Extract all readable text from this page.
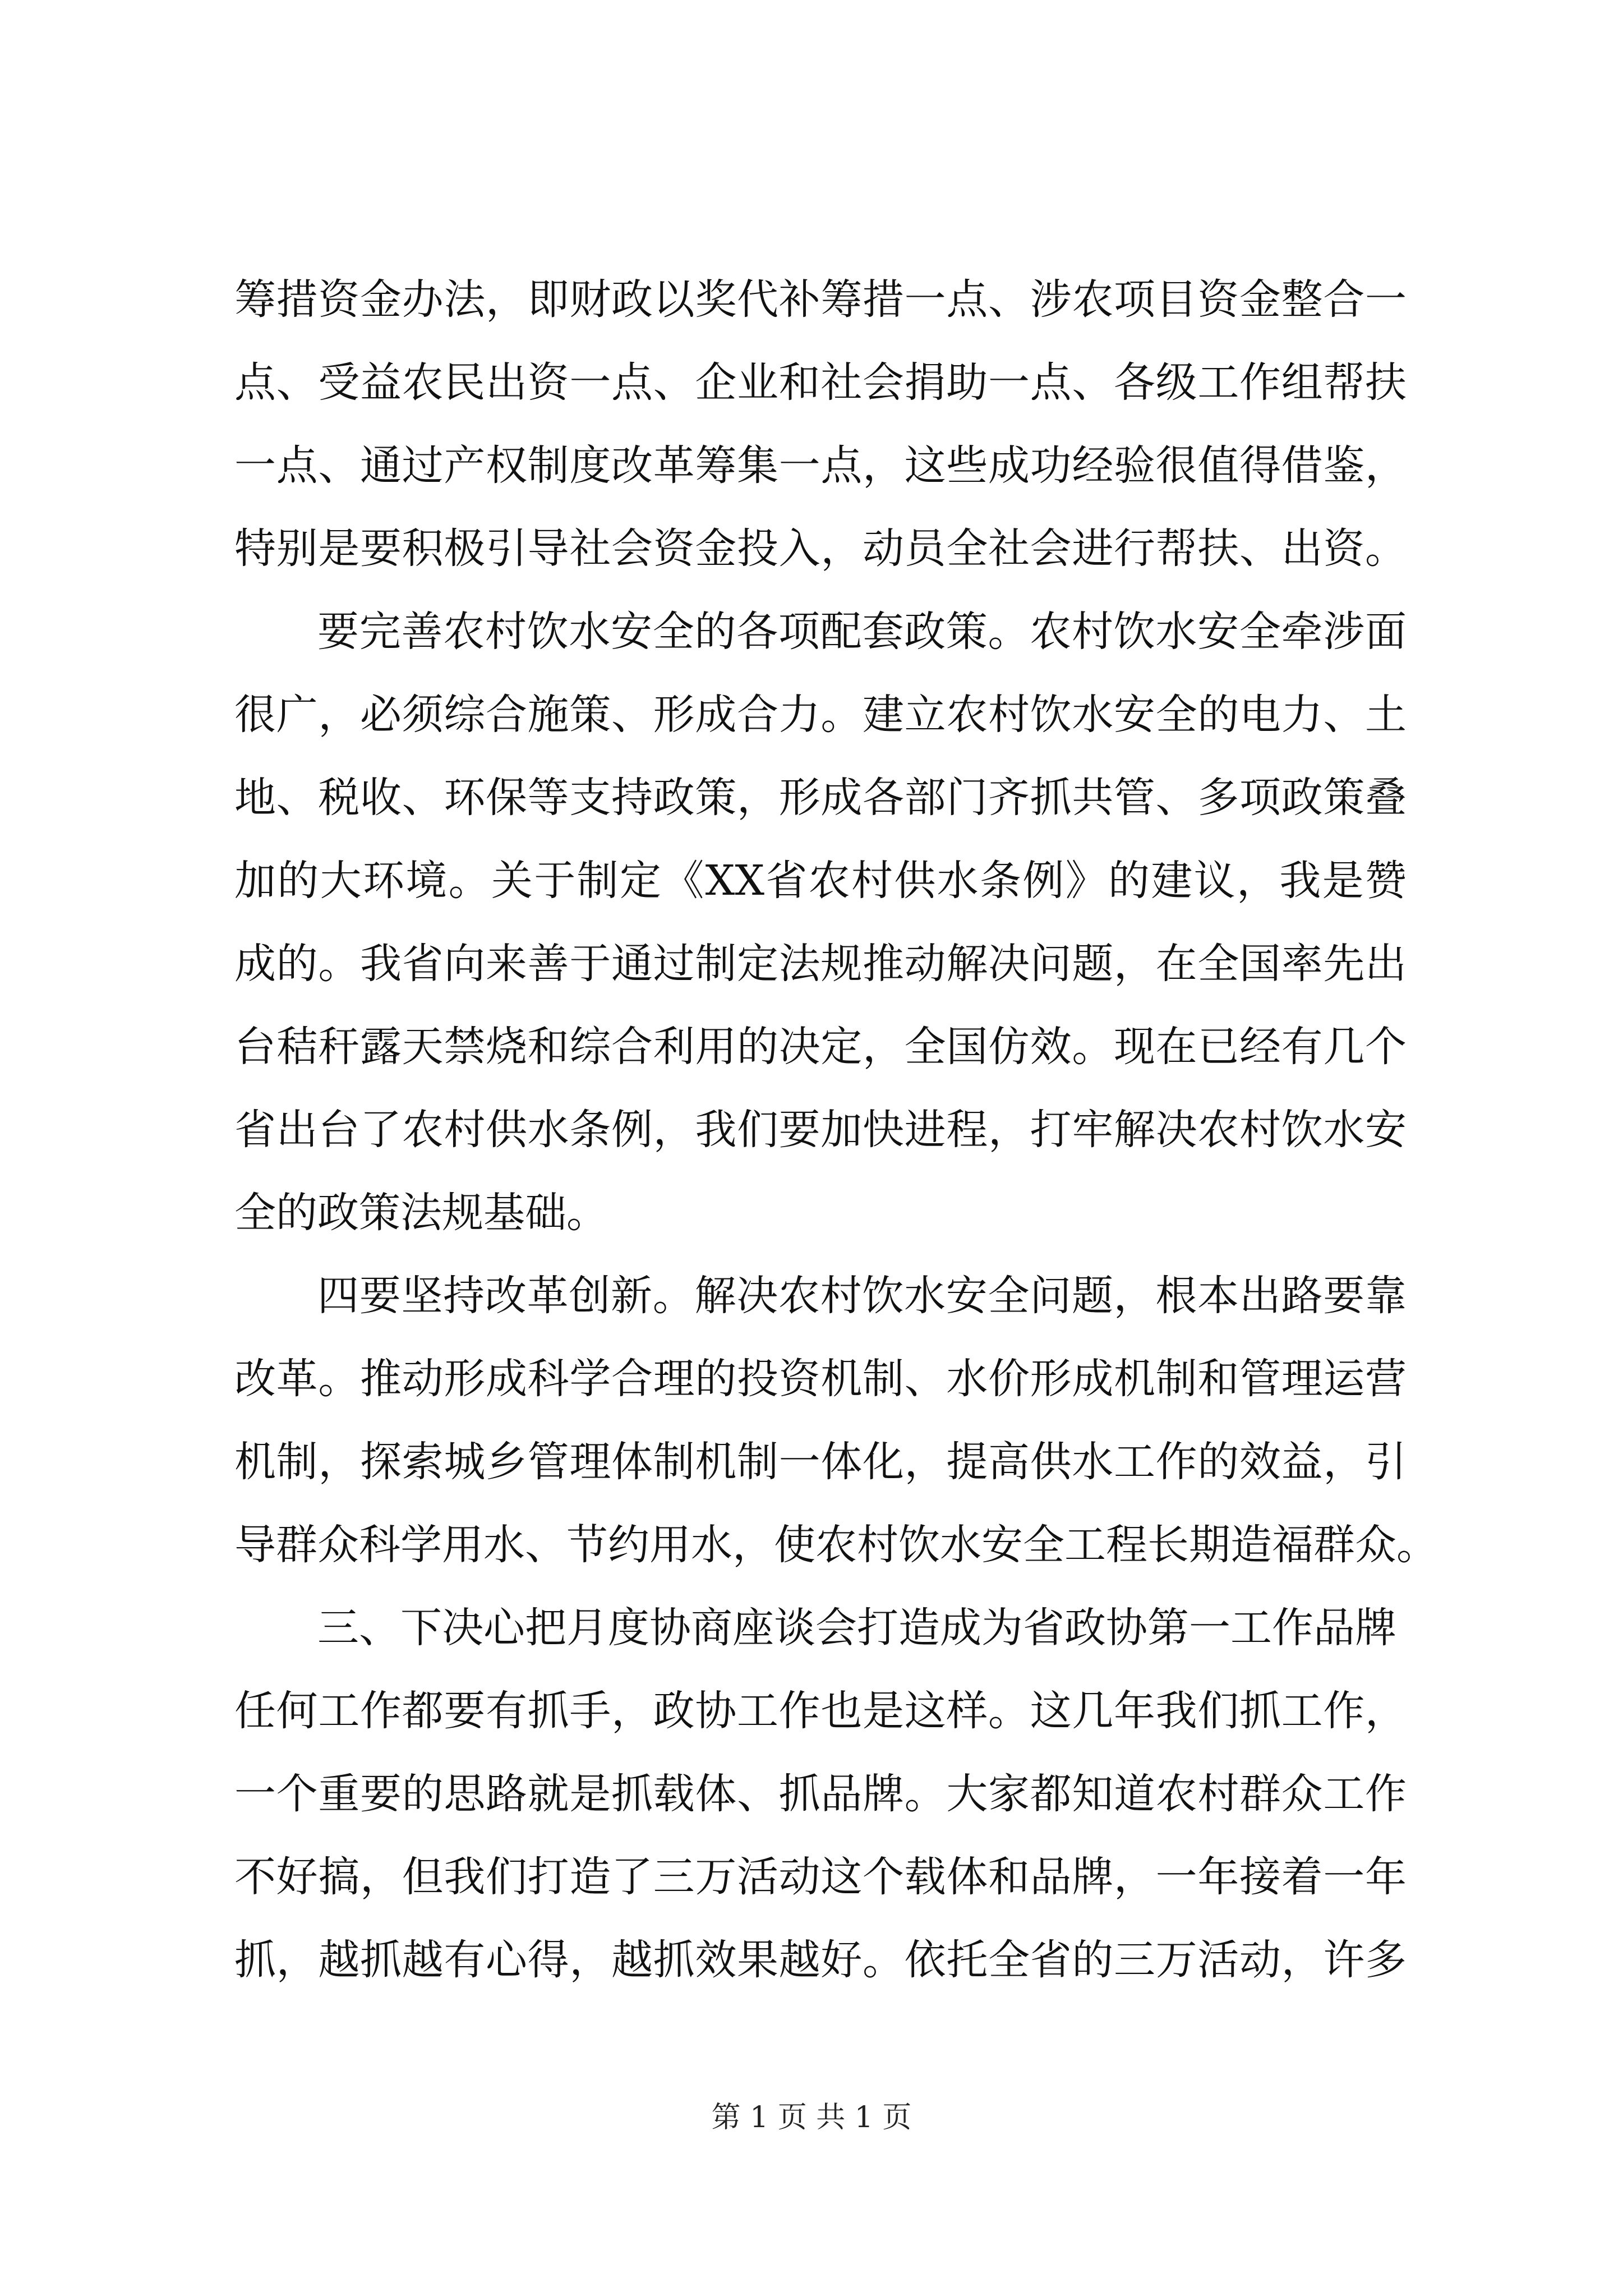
筹措资金办法，即财政以奖代补筹措一点、涉农项目资金整合一
点、受益农民出资一点、企业和社会捐助一点、各级工作组帮扶
一点、通过产权制度改革筹集一点，这些成功经验很值得借鉴，
特别是要积极引导社会资金投入，动员全社会进行帮扶、出资。
要完善农村饮水安全的各项配套政策。农村饮水安全牵涉面
很广，必须综合施策、形成合力。建立农村饮水安全的电力、土
地、税收、环保等支持政策，形成各部门齐抓共管、多项政策叠
加的大环境。关于制定《XX省农村供水条例》的建议，我是赞
成的。我省向来善于通过制定法规推动解决问题，在全国率先出
台秸秆露天禁烧和综合利用的决定，全国仿效。现在已经有几个
省出台了农村供水条例，我们要加快进程，打牢解决农村饮水安
全的政策法规基础。
四要坚持改革创新。解决农村饮水安全问题，根本出路要靠
改革。推动形成科学合理的投资机制、水价形成机制和管理运营
机制，探索城乡管理体制机制一体化，提高供水工作的效益，引
导群众科学用水、节约用水，使农村饮水安全工程长期造福群众。
三、下决心把月度协商座谈会打造成为省政协第一工作品牌
任何工作都要有抓手，政协工作也是这样。这几年我们抓工作，
一个重要的思路就是抓载体、抓品牌。大家都知道农村群众工作
不好搞，但我们打造了三万活动这个载体和品牌，一年接着一年
抓，越抓越有心得，越抓效果越好。依托全省的三万活动，许多
第 1 页 共 1 页
